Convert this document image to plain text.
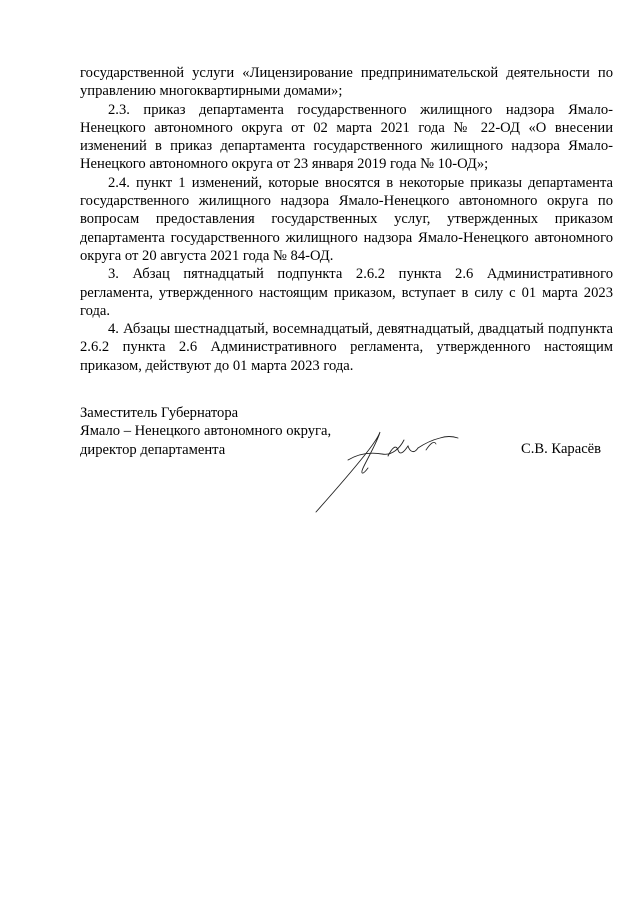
государственной услуги «Лицензирование предпринимательской деятельности по управлению многоквартирными домами»;

2.3. приказ департамента государственного жилищного надзора Ямало-Ненецкого автономного округа от 02 марта 2021 года № 22-ОД «О внесении изменений в приказ департамента государственного жилищного надзора Ямало-Ненецкого автономного округа от 23 января 2019 года № 10-ОД»;

2.4. пункт 1 изменений, которые вносятся в некоторые приказы департамента государственного жилищного надзора Ямало-Ненецкого автономного округа по вопросам предоставления государственных услуг, утвержденных приказом департамента государственного жилищного надзора Ямало-Ненецкого автономного округа от 20 августа 2021 года № 84-ОД.

3. Абзац пятнадцатый подпункта 2.6.2 пункта 2.6 Административного регламента, утвержденного настоящим приказом, вступает в силу с 01 марта 2023 года.

4. Абзацы шестнадцатый, восемнадцатый, девятнадцатый, двадцатый подпункта 2.6.2 пункта 2.6 Административного регламента, утвержденного настоящим приказом, действуют до 01 марта 2023 года.

Заместитель Губернатора
Ямало – Ненецкого автономного округа,
директор департамента	С.В. Карасёв
